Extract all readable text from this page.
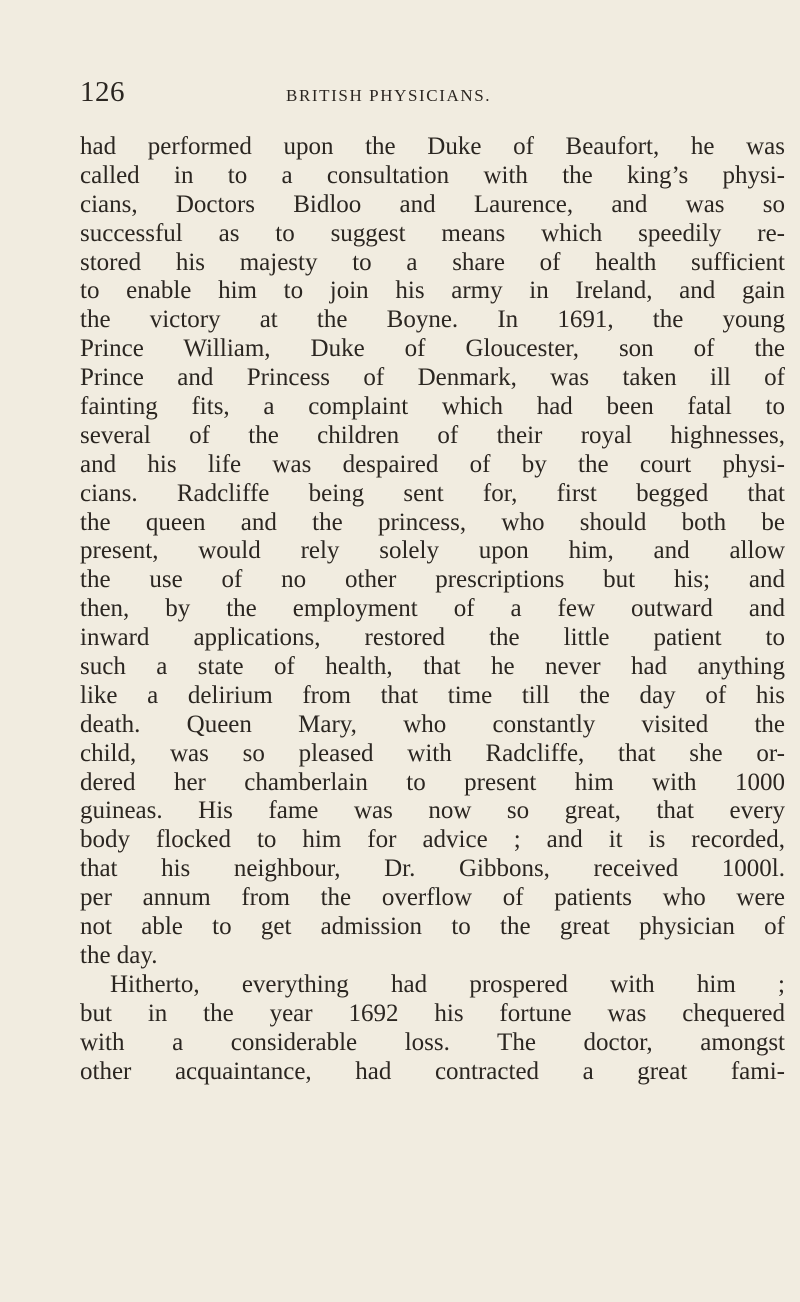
126	BRITISH PHYSICIANS.
had performed upon the Duke of Beaufort, he was
called in to a consultation with the king’s physi-
cians, Doctors Bidloo and Laurence, and was so
successful as to suggest means which speedily re-
stored his majesty to a share of health sufficient
to enable him to join his army in Ireland, and gain
the victory at the Boyne. In 1691, the young
Prince William, Duke of Gloucester, son of the
Prince and Princess of Denmark, was taken ill of
fainting fits, a complaint which had been fatal to
several of the children of their royal highnesses,
and his life was despaired of by the court physi-
cians. Radcliffe being sent for, first begged that
the queen and the princess, who should both be
present, would rely solely upon him, and allow
the use of no other prescriptions but his; and
then, by the employment of a few outward and
inward applications, restored the little patient to
such a state of health, that he never had anything
like a delirium from that time till the day of his
death. Queen Mary, who constantly visited the
child, was so pleased with Radcliffe, that she or-
dered her chamberlain to present him with 1000
guineas. His fame was now so great, that every
body flocked to him for advice ; and it is recorded,
that his neighbour, Dr. Gibbons, received 1000l.
per annum from the overflow of patients who were
not able to get admission to the great physician of
the day.
Hitherto, everything had prospered with him ;
but in the year 1692 his fortune was chequered
with a considerable loss. The doctor, amongst
other acquaintance, had contracted a great fami-
